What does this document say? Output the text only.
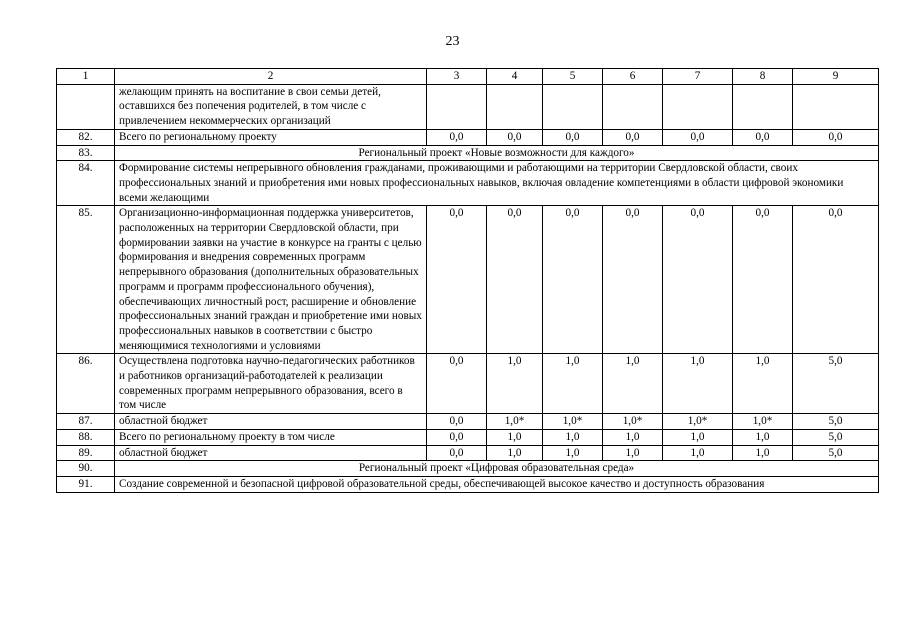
23
1	2	3	4	5	6	7	8	9
	желающим принять на воспитание в свои семьи детей, оставшихся без попечения родителей, в том числе с привлечением некоммерческих организаций							
82.	Всего по региональному проекту	0,0	0,0	0,0	0,0	0,0	0,0	0,0
83.	Региональный проект «Новые возможности для каждого»							
84.	Формирование системы непрерывного обновления гражданами, проживающими и работающими на территории Свердловской области, своих профессиональных знаний и приобретения ими новых профессиональных навыков, включая овладение компетенциями в области цифровой экономики всеми желающими							
85.	Организационно-информационная поддержка университетов, расположенных на территории Свердловской области, при формировании заявки на участие в конкурсе на гранты с целью формирования и внедрения современных программ непрерывного образования (дополнительных образовательных программ и программ профессионального обучения), обеспечивающих личностный рост, расширение и обновление профессиональных знаний граждан и приобретение ими новых профессиональных навыков в соответствии с быстро меняющимися технологиями и условиями	0,0	0,0	0,0	0,0	0,0	0,0	0,0
86.	Осуществлена подготовка научно-педагогических работников и работников организаций-работодателей к реализации современных программ непрерывного образования, всего в том числе	0,0	1,0	1,0	1,0	1,0	1,0	5,0
87.	областной бюджет	0,0	1,0*	1,0*	1,0*	1,0*	1,0*	5,0
88.	Всего по региональному проекту в том числе	0,0	1,0	1,0	1,0	1,0	1,0	5,0
89.	областной бюджет	0,0	1,0	1,0	1,0	1,0	1,0	5,0
90.	Региональный проект «Цифровая образовательная среда»							
91.	Создание современной и безопасной цифровой образовательной среды, обеспечивающей высокое качество и доступность образования							
